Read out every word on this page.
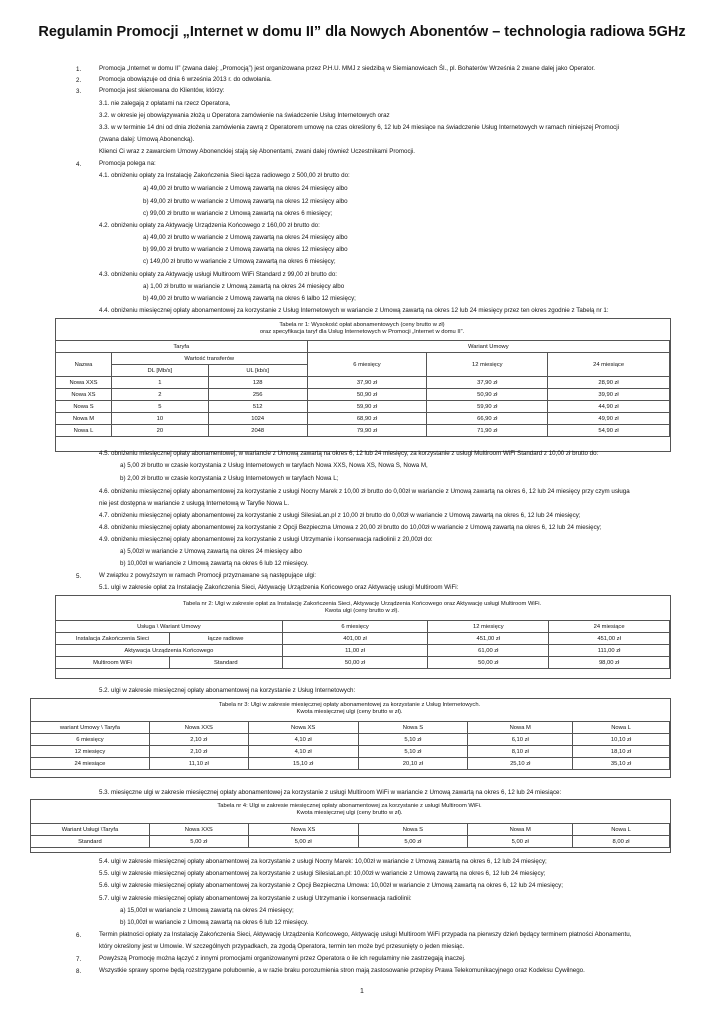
Regulamin Promocji „Internet w domu II” dla Nowych Abonentów – technologia radiowa 5GHz
1.	Promocja „Internet w domu II” (zwana dalej: „Promocją”) jest organizowana przez P.H.U. MMJ z siedzibą w Siemianowicach Śl., pl. Bohaterów Września 2 zwane dalej jako Operator.
2.	Promocja obowiązuje od dnia 6 września 2013 r. do odwołania.
3.	Promocja jest skierowana do Klientów, którzy:
3.1. nie zalegają z opłatami na rzecz Operatora,
3.2. w okresie jej obowiązywania złożą u Operatora zamówienie na świadczenie Usług Internetowych oraz
3.3. w w terminie 14 dni od dnia złożenia zamówienia zawrą z Operatorem umowę na czas określony 6, 12 lub 24 miesiące na świadczenie Usług Internetowych w ramach niniejszej Promocji
(zwana dalej: Umową Abonencką).
Klienci Ci wraz z zawarciem Umowy Abonenckiej stają się Abonentami, zwani dalej również Uczestnikami Promocji.
4.	Promocja polega na:
4.1. obniżeniu opłaty za Instalację Zakończenia Sieci łącza radiowego z 500,00 zł brutto do:
a) 49,00 zł brutto w wariancie z Umową zawartą na okres 24 miesięcy albo
b) 49,00 zł brutto w wariancie z Umową zawartą na okres 12 miesięcy albo
c) 99,00 zł brutto w wariancie z Umową zawartą na okres 6 miesięcy;
4.2. obniżeniu opłaty za Aktywację Urządzenia Końcowego z 160,00 zł brutto do:
a) 49,00 zł brutto w wariancie z Umową zawartą na okres 24 miesięcy albo
b) 99,00 zł brutto w wariancie z Umową zawartą na okres 12 miesięcy albo
c) 149,00 zł brutto w wariancie z Umową zawartą na okres 6 miesięcy;
4.3. obniżeniu opłaty za Aktywację usługi Multiroom WiFi Standard z 99,00 zł brutto do:
a) 1,00 zł brutto w wariancie z Umową zawartą na okres 24 miesięcy albo
b) 49,00 zł brutto w wariancie z Umową zawartą na okres 6 lalbo 12 miesięcy;
4.4. obniżeniu miesięcznej opłaty abonamentowej za korzystanie z Usług Internetowych w wariancie z Umową zawartą na okres 12 lub 24 miesięcy przez ten okres zgodnie z Tabelą nr 1:
Tabela nr 1: Wysokość opłat abonamentowych (ceny brutto w zł)
oraz specyfikacja taryf dla Usług Internetowych w Promocji „Internet w domu II”.
Taryfa			Wariant Umowy		
Nazwa	Wartość transferów		6 miesięcy	12 miesięcy	24 miesiące
	DL [Mb/s]	UL [kb/s]			
Nowa XXS	1	128	37,90 zł	37,90 zł	28,90 zł
Nowa XS	2	256	50,90 zł	50,90 zł	39,90 zł
Nowa S	5	512	59,90 zł	59,90 zł	44,90 zł
Nowa M	10	1024	68,90 zł	66,90 zł	49,90 zł
Nowa L	20	2048	79,90 zł	71,90 zł	54,90 zł
4.5. obniżeniu miesięcznej opłaty abonamentowej, w wariancie z Umową zawartą na okres 6, 12 lub 24 miesięcy, za korzystanie z usługi Multiroom WiFi Standard z 10,00 zł brutto do:
a) 5,00 zł brutto w czasie korzystania z Usług Internetowych w taryfach Nowa XXS, Nowa XS, Nowa S, Nowa M,
b) 2,00 zł brutto w czasie korzystania z Usług Internetowych w taryfach Nowa L;
4.6. obniżeniu miesięcznej opłaty abonamentowej za korzystanie z usługi Nocny Marek z 10,00 zł brutto do 0,00zł w wariancie z Umową zawartą na okres 6, 12 lub 24 miesięcy przy czym usługa
nie jest dostępna w wariancie z usługą Internetową w Taryfie Nowa L.
4.7. obniżeniu miesięcznej opłaty abonamentowej za korzystanie z usługi SilesiaLan.pl z 10,00 zł brutto do 0,00zł w wariancie z Umową zawartą na okres 6, 12 lub 24 miesięcy;
4.8. obniżeniu miesięcznej opłaty abonamentowej za korzystanie z Opcji Bezpieczna Umowa z 20,00 zł brutto do 10,00zł w wariancie z Umową zawartą na okres 6, 12 lub 24 miesięcy;
4.9. obniżeniu miesięcznej opłaty abonamentowej za korzystanie z usługi Utrzymanie i konserwacja radiolinii z 20,00zł do:
a) 5,00zł w wariancie z Umową zawartą na okres 24 miesięcy albo
b) 10,00zł w wariancie z Umową zawartą na okres 6 lub 12 miesięcy.
5.	W związku z powyższym w ramach Promocji przyznawane są następujące ulgi:
5.1. ulgi w zakresie opłat za Instalację Zakończenia Sieci, Aktywację Urządzenia Końcowego oraz Aktywację usługi Multiroom WiFi:
Tabela nr 2: Ulgi w zakresie opłat za Instalację Zakończenia Sieci, Aktywację Urządzenia Końcowego oraz Aktywację usługi Multiroom WiFi.
Kwota ulgi (ceny brutto w zł).
Usługa \ Wariant Umowy		6 miesięcy	12 miesięcy	24 miesiące
Instalacja Zakończenia Sieci	łącze radiowe	401,00 zł	451,00 zł	451,00 zł
Aktywacja Urządzenia Końcowego		11,00 zł	61,00 zł	111,00 zł
Multiroom WiFi	Standard	50,00 zł	50,00 zł	98,00 zł
5.2. ulgi w zakresie miesięcznej opłaty abonamentowej na korzystanie z Usług Internetowych:
Tabela nr 3: Ulgi w zakresie miesięcznej opłaty abonamentowej za korzystanie z Usług Internetowych.
Kwota miesięcznej ulgi (ceny brutto w zł).
wariant Umowy \ Taryfa	Nowa XXS	Nowa XS	Nowa S	Nowa M	Nowa L
6 miesięcy	2,10 zł	4,10 zł	5,10 zł	6,10 zł	10,10 zł
12 miesięcy	2,10 zł	4,10 zł	5,10 zł	8,10 zł	18,10 zł
24 miesiące	11,10 zł	15,10 zł	20,10 zł	25,10 zł	35,10 zł
5.3. miesięczne ulgi w zakresie miesięcznej opłaty abonamentowej za korzystanie z usługi Multiroom WiFi w wariancie z Umową zawartą na okres 6, 12 lub 24 miesiące:
Tabela nr 4: Ulgi w zakresie miesięcznej opłaty abonamentowej za korzystanie z usługi Multiroom WiFi.
Kwota miesięcznej ulgi (ceny brutto w zł).
Wariant Usługi \Taryfa	Nowa XXS	Nowa XS	Nowa S	Nowa M	Nowa L
Standard	5,00 zł	5,00 zł	5,00 zł	5,00 zł	8,00 zł
5.4. ulgi w zakresie miesięcznej opłaty abonamentowej za korzystanie z usługi Nocny Marek: 10,00zł w wariancie z Umową zawartą na okres 6, 12 lub 24 miesięcy;
5.5. ulgi w zakresie miesięcznej opłaty abonamentowej za korzystanie z usługi SilesiaLan.pl: 10,00zł w wariancie z Umową zawartą na okres 6, 12 lub 24 miesięcy;
5.6. ulgi w zakresie miesięcznej opłaty abonamentowej za korzystanie z Opcji Bezpieczna Umowa: 10,00zł w wariancie z Umową zawartą na okres 6, 12 lub 24 miesięcy;
5.7. ulgi w zakresie miesięcznej opłaty abonamentowej za korzystanie z usługi Utrzymanie i konserwacja radiolinii:
a) 15,00zł w wariancie z Umową zawartą na okres 24 miesięcy;
b) 10,00zł w wariancie z Umową zawartą na okres 6 lub 12 miesięcy.
6.	Termin płatności opłaty za Instalację Zakończenia Sieci, Aktywację Urządzenia Końcowego, Aktywację usługi Multiroom WiFi przypada na pierwszy dzień będący terminem płatności Abonamentu,
który określony jest w Umowie. W szczególnych przypadkach, za zgodą Operatora, termin ten może być przesunięty o jeden miesiąc.
7.	Powyższą Promocję można łączyć z innymi promocjami organizowanymi przez Operatora o ile ich regulaminy nie zastrzegają inaczej.
8.	Wszystkie sprawy sporne będą rozstrzygane polubownie, a w razie braku porozumienia stron mają zastosowanie przepisy Prawa Telekomunikacyjnego oraz Kodeksu Cywilnego.
1
